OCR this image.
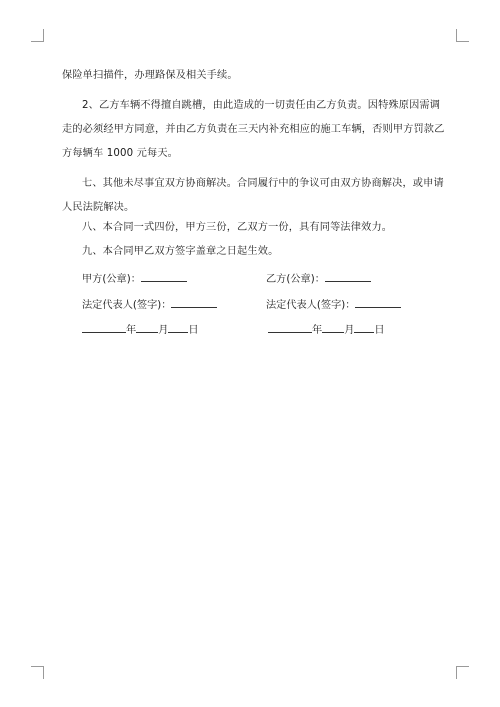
保险单扫描件，办理路保及相关手续。
2、乙方车辆不得擅自跳槽，由此造成的一切责任由乙方负责。因特殊原因需调
走的必须经甲方同意，并由乙方负责在三天内补充相应的施工车辆，否则甲方罚款乙
方每辆车 1000 元每天。
七、其他未尽事宜双方协商解决。合同履行中的争议可由双方协商解决，或申请
人民法院解决。
八、本合同一式四份，甲方三份，乙双方一份，具有同等法律效力。
九、本合同甲乙双方签字盖章之日起生效。
甲方(公章)：	乙方(公章)：
法定代表人(签字)：	法定代表人(签字)：
年 月 日	年 月 日
